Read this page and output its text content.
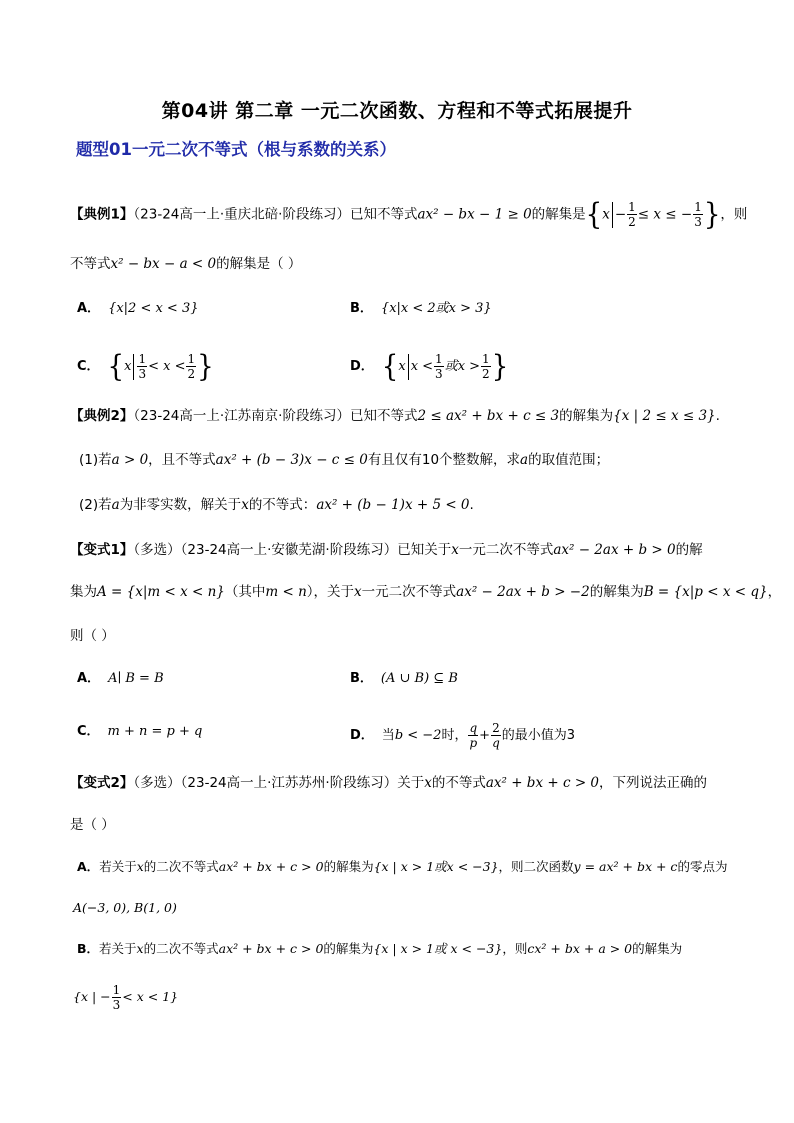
第04讲 第二章 一元二次函数、方程和不等式拓展提升
题型01一元二次不等式（根与系数的关系）
【典例1】（23-24高一上·重庆北碚·阶段练习）已知不等式ax² − bx − 1 ≥ 0的解集是{$x - \frac{1}{2} \le x$ ≤ − $\frac{1}{3}$ }，则
不等式x² − bx − a < 0的解集是（ ）
A． {x|2 < x < 3}	B． {x|x < 2或x > 3}
C． {$x \frac{1}{3} < x < \frac{1}{2}$ }	D． {x $x < \frac{1}{3}$ 或$x > \frac{1}{2}$ }
【典例2】（23-24高一上·江苏南京·阶段练习）已知不等式2 ≤ ax² + bx + c ≤ 3的解集为{x | 2 ≤ x ≤ 3}.
(1)若a > 0，且不等式ax² + (b − 3)x − c ≤ 0有且仅有10个整数解，求a的取值范围；
(2)若a为非零实数，解关于x的不等式：ax² + (b − 1)x + 5 < 0.
【变式1】（多选）（23-24高一上·安徽芜湖·阶段练习）已知关于x一元二次不等式ax² − 2ax + b > 0的解
集为A = {x|m < x < n}（其中m < n），关于x一元二次不等式ax² − 2ax + b > −2的解集为B = {x|p < x < q}，
则（ ）
A． A∣ B = B	B． (A ∪ B) ⊆ B
C． m + n = p + q	D． 当b < −2时， $\frac{q}{p} + \frac{2}{q}$ 的最小值为3
【变式2】（多选）（23-24高一上·江苏苏州·阶段练习）关于x的不等式ax² + bx + c > 0，下列说法正确的
是（ ）
A．若关于x的二次不等式ax² + bx + c > 0的解集为{x | x > 1或x < −3}，则二次函数y = ax² + bx + c的零点为
A(−3, 0), B(1, 0)
B．若关于x的二次不等式ax² + bx + c > 0的解集为{x | x > 1或 x < −3}，则cx² + bx + a > 0的解集为
{x | − $\frac{1}{3} < x < 1$}
